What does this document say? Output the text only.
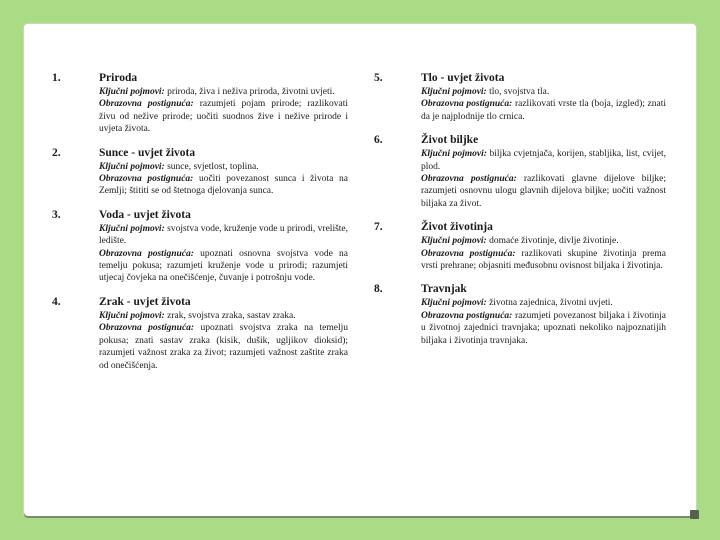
1.	Priroda
Ključni pojmovi: priroda, živa i neživa priroda, životni uvjeti.
Obrazovna postignuća: razumjeti pojam prirode; razlikovati živu od nežive prirode; uočiti suodnos žive i nežive prirode i uvjeta života.
2.	Sunce - uvjet života
Ključni pojmovi: sunce, svjetlost, toplina.
Obrazovna postignuća: uočiti povezanost sunca i života na Zemlji; štititi se od štetnoga djelovanja sunca.
3.	Voda - uvjet života
Ključni pojmovi: svojstva vode, kruženje vode u prirodi, vrelište, ledište.
Obrazovna postignuća: upoznati osnovna svojstva vode na temelju pokusa; razumjeti kruženje vode u prirodi; razumjeti utjecaj čovjeka na onečišćenje, čuvanje i potrošnju vode.
4.	Zrak - uvjet života
Ključni pojmovi: zrak, svojstva zraka, sastav zraka.
Obrazovna postignuća: upoznati svojstva zraka na temelju pokusa; znati sastav zraka (kisik, dušik, ugljikov dioksid); razumjeti važnost zraka za život; razumjeti važnost zaštite zraka od onečišćenja.
5.	Tlo - uvjet života
Ključni pojmovi: tlo, svojstva tla.
Obrazovna postignuća: razlikovati vrste tla (boja, izgled); znati da je najplodnije tlo crnica.
6.	Život biljke
Ključni pojmovi: biljka cvjetnjača, korijen, stabljika, list, cvijet, plod.
Obrazovna postignuća: razlikovati glavne dijelove biljke; razumjeti osnovnu ulogu glavnih dijelova biljke; uočiti važnost biljaka za život.
7.	Život životinja
Ključni pojmovi: domaće životinje, divlje životinje.
Obrazovna postignuća: razlikovati skupine životinja prema vrsti prehrane; objasniti međusobnu ovisnost biljaka i životinja.
8.	Travnjak
Ključni pojmovi: životna zajednica, životni uvjeti.
Obrazovna postignuća: razumjeti povezanost biljaka i životinja u životnoj zajednici travnjaka; upoznati nekoliko najpoznatijih biljaka i životinja travnjaka.
